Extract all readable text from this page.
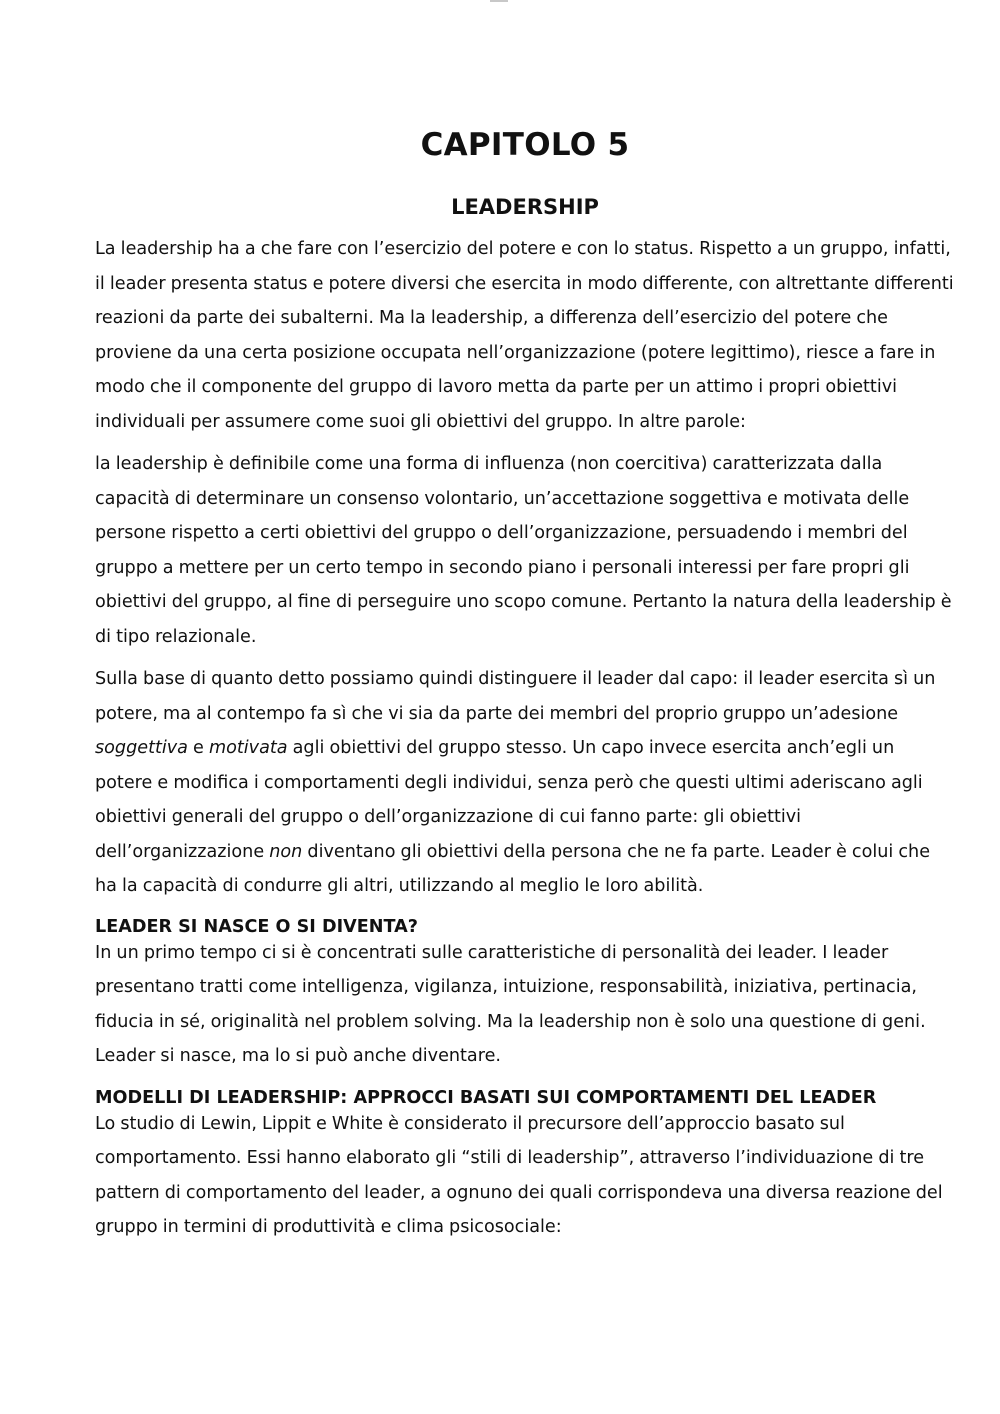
CAPITOLO 5
LEADERSHIP

La leadership ha a che fare con l’esercizio del potere e con lo status. Rispetto a un gruppo, infatti, il leader presenta status e potere diversi che esercita in modo differente, con altrettante differenti reazioni da parte dei subalterni. Ma la leadership, a differenza dell’esercizio del potere che proviene da una certa posizione occupata nell’organizzazione (potere legittimo), riesce a fare in modo che il componente del gruppo di lavoro metta da parte per un attimo i propri obiettivi individuali per assumere come suoi gli obiettivi del gruppo. In altre parole:

la leadership è definibile come una forma di influenza (non coercitiva) caratterizzata dalla capacità di determinare un consenso volontario, un’accettazione soggettiva e motivata delle persone rispetto a certi obiettivi del gruppo o dell’organizzazione, persuadendo i membri del gruppo a mettere per un certo tempo in secondo piano i personali interessi per fare propri gli obiettivi del gruppo, al fine di perseguire uno scopo comune. Pertanto la natura della leadership è di tipo relazionale.

Sulla base di quanto detto possiamo quindi distinguere il leader dal capo: il leader esercita sì un potere, ma al contempo fa sì che vi sia da parte dei membri del proprio gruppo un’adesione soggettiva e motivata agli obiettivi del gruppo stesso. Un capo invece esercita anch’egli un potere e modifica i comportamenti degli individui, senza però che questi ultimi aderiscano agli obiettivi generali del gruppo o dell’organizzazione di cui fanno parte: gli obiettivi dell’organizzazione non diventano gli obiettivi della persona che ne fa parte. Leader è colui che ha la capacità di condurre gli altri, utilizzando al meglio le loro abilità.

LEADER SI NASCE O SI DIVENTA?

In un primo tempo ci si è concentrati sulle caratteristiche di personalità dei leader. I leader presentano tratti come intelligenza, vigilanza, intuizione, responsabilità, iniziativa, pertinacia, fiducia in sé, originalità nel problem solving. Ma la leadership non è solo una questione di geni. Leader si nasce, ma lo si può anche diventare.

MODELLI DI LEADERSHIP: APPROCCI BASATI SUI COMPORTAMENTI DEL LEADER

Lo studio di Lewin, Lippit e White è considerato il precursore dell’approccio basato sul comportamento. Essi hanno elaborato gli “stili di leadership”, attraverso l’individuazione di tre pattern di comportamento del leader, a ognuno dei quali corrispondeva una diversa reazione del gruppo in termini di produttività e clima psicosociale:
